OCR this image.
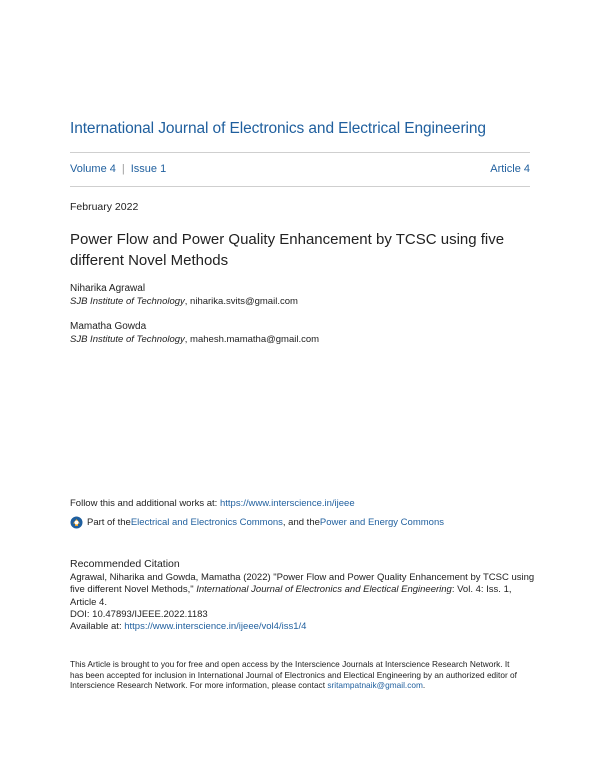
International Journal of Electronics and Electrical Engineering
Volume 4 | Issue 1	Article 4
February 2022
Power Flow and Power Quality Enhancement by TCSC using five different Novel Methods
Niharika Agrawal
SJB Institute of Technology, niharika.svits@gmail.com
Mamatha Gowda
SJB Institute of Technology, mahesh.mamatha@gmail.com
Follow this and additional works at: https://www.interscience.in/ijeee
Part of the Electrical and Electronics Commons , and the Power and Energy Commons
Recommended Citation
Agrawal, Niharika and Gowda, Mamatha (2022) "Power Flow and Power Quality Enhancement by TCSC using five different Novel Methods," International Journal of Electronics and Electical Engineering: Vol. 4: Iss. 1, Article 4.
DOI: 10.47893/IJEEE.2022.1183
Available at: https://www.interscience.in/ijeee/vol4/iss1/4
This Article is brought to you for free and open access by the Interscience Journals at Interscience Research Network. It has been accepted for inclusion in International Journal of Electronics and Electical Engineering by an authorized editor of Interscience Research Network. For more information, please contact sritampatnaik@gmail.com.
